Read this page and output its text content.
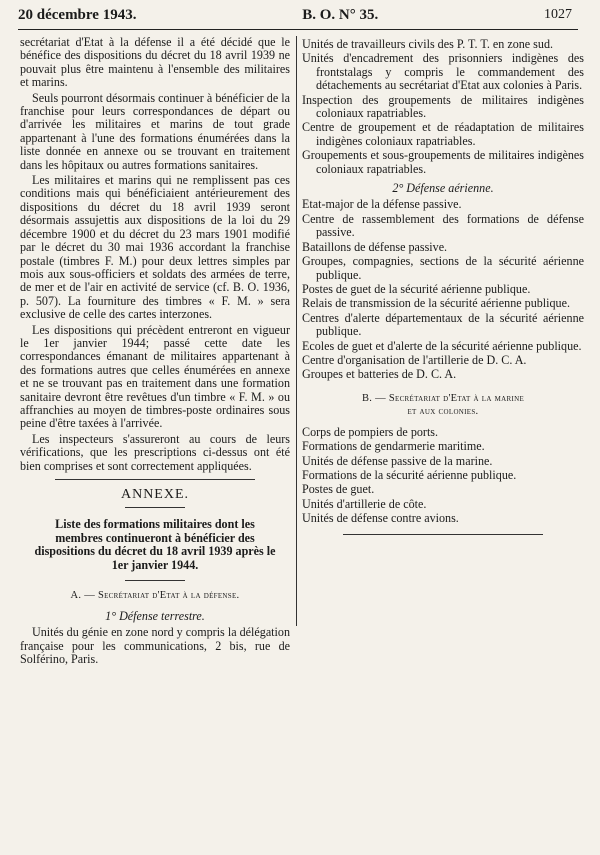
20 décembre 1943.	B. O. N° 35.	1027

secrétariat d'Etat à la défense il a été décidé que le bénéfice des dispositions du décret du 18 avril 1939 ne pouvait plus être maintenu à l'ensemble des militaires et marins.

Seuls pourront désormais continuer à bénéficier de la franchise pour leurs correspondances de départ ou d'arrivée les militaires et marins de tout grade appartenant à l'une des formations énumérées dans la liste donnée en annexe ou se trouvant en traitement dans les hôpitaux ou autres formations sanitaires.

Les militaires et marins qui ne remplissent pas ces conditions mais qui bénéficiaient antérieurement des dispositions du décret du 18 avril 1939 seront désormais assujettis aux dispositions de la loi du 29 décembre 1900 et du décret du 23 mars 1901 modifié par le décret du 30 mai 1936 accordant la franchise postale (timbres F. M.) pour deux lettres simples par mois aux sous-officiers et soldats des armées de terre, de mer et de l'air en activité de service (cf. B. O. 1936, p. 507). La fourniture des timbres « F. M. » sera exclusive de celle des cartes interzones.

Les dispositions qui précèdent entreront en vigueur le 1er janvier 1944; passé cette date les correspondances émanant de militaires appartenant à des formations autres que celles énumérées en annexe et ne se trouvant pas en traitement dans une formation sanitaire devront être revêtues d'un timbre « F. M. » ou affranchies au moyen de timbres-poste ordinaires sous peine d'être taxées à l'arrivée.

Les inspecteurs s'assureront au cours de leurs vérifications, que les prescriptions ci-dessus ont été bien comprises et sont correctement appliquées.

ANNEXE.
Liste des formations militaires dont les membres continueront à bénéficier des dispositions du décret du 18 avril 1939 après le 1er janvier 1944.
A. — Secrétariat d'Etat à la défense.
1° Défense terrestre.

Unités du génie en zone nord y compris la délégation française pour les communications, 2 bis, rue de Solférino, Paris.

Unités de travailleurs civils des P. T. T. en zone sud.
Unités d'encadrement des prisonniers indigènes des frontstalags y compris le commandement des détachements au secrétariat d'Etat aux colonies à Paris.
Inspection des groupements de militaires indigènes coloniaux rapatriables.
Centre de groupement et de réadaptation de militaires indigènes coloniaux rapatriables.
Groupements et sous-groupements de militaires indigènes coloniaux rapatriables.
2° Défense aérienne.
Etat-major de la défense passive.
Centre de rassemblement des formations de défense passive.
Bataillons de défense passive.
Groupes, compagnies, sections de la sécurité aérienne publique.
Postes de guet de la sécurité aérienne publique.
Relais de transmission de la sécurité aérienne publique.
Centres d'alerte départementaux de la sécurité aérienne publique.
Ecoles de guet et d'alerte de la sécurité aérienne publique.
Centre d'organisation de l'artillerie de D. C. A.
Groupes et batteries de D. C. A.
B. — Secrétariat d'Etat à la marine
et aux colonies.
Corps de pompiers de ports.
Formations de gendarmerie maritime.
Unités de défense passive de la marine.
Formations de la sécurité aérienne publique.
Postes de guet.
Unités d'artillerie de côte.
Unités de défense contre avions.
